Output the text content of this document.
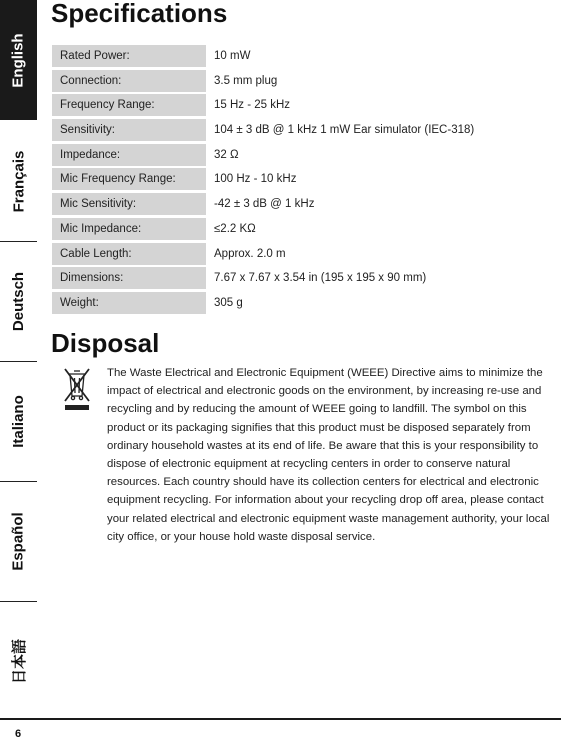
English
Français
Deutsch
Italiano
Español
日本語
Specifications
Rated Power:	10 mW
Connection:	3.5 mm plug
Frequency Range:	15 Hz - 25 kHz
Sensitivity:	104 ± 3 dB @ 1 kHz 1 mW Ear simulator (IEC-318)
Impedance:	32 Ω
Mic Frequency Range:	100 Hz - 10 kHz
Mic Sensitivity:	-42 ± 3 dB @ 1 kHz
Mic Impedance:	≤2.2 KΩ
Cable Length:	Approx. 2.0 m
Dimensions:	7.67 x 7.67 x 3.54 in (195 x 195 x 90 mm)
Weight:	305 g
Disposal
The Waste Electrical and Electronic Equipment (WEEE) Directive aims to minimize the impact of electrical and electronic goods on the environment, by increasing re-use and recycling and by reducing the amount of WEEE going to landfill. The symbol on this product or its packaging signifies that this product must be disposed separately from ordinary household wastes at its end of life. Be aware that this is your responsibility to dispose of electronic equipment at recycling centers in order to conserve natural resources. Each country should have its collection centers for electrical and electronic equipment recycling. For information about your recycling drop off area, please contact your related electrical and electronic equipment waste management authority, your local city office, or your house hold waste disposal service.
6
